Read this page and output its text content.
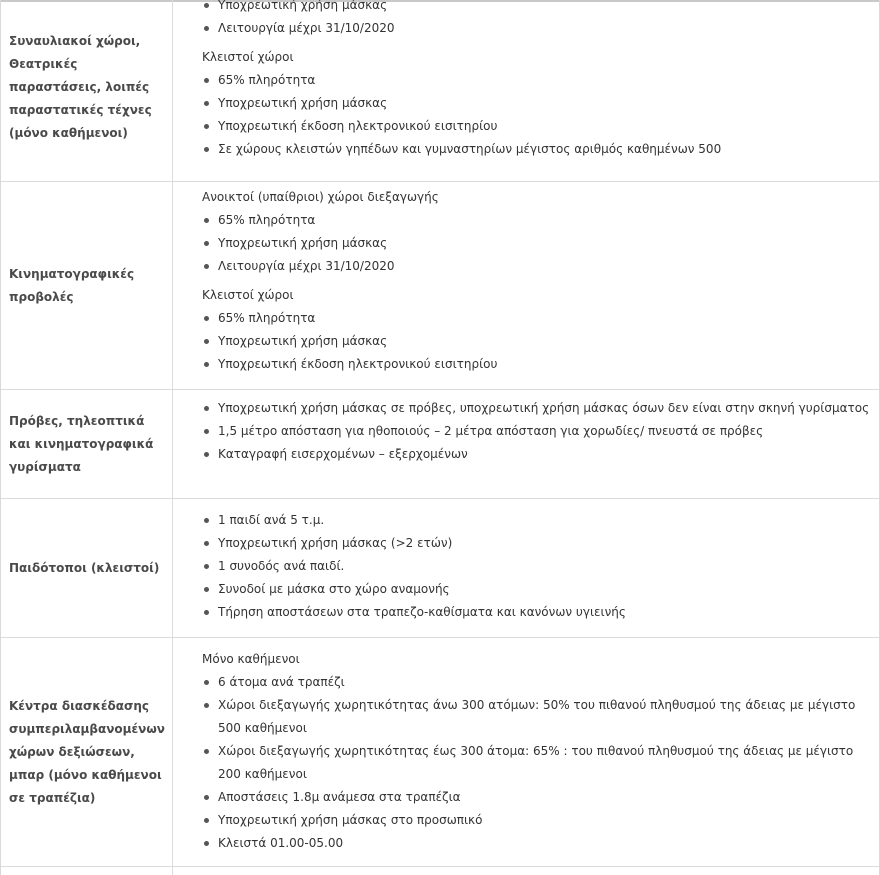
Συναυλιακοί χώροι, Θεατρικές παραστάσεις, λοιπές παραστατικές τέχνες (μόνο καθήμενοι)
Υποχρεωτική χρήση μάσκας
Λειτουργία μέχρι 31/10/2020

Κλειστοί χώροι

65% πληρότητα
Υποχρεωτική χρήση μάσκας
Υποχρεωτική έκδοση ηλεκτρονικού εισιτηρίου
Σε χώρους κλειστών γηπέδων και γυμναστηρίων μέγιστος αριθμός καθημένων 500
Κινηματογραφικές προβολές

Ανοικτοί (υπαίθριοι) χώροι διεξαγωγής

65% πληρότητα
Υποχρεωτική χρήση μάσκας
Λειτουργία μέχρι 31/10/2020

Κλειστοί χώροι

65% πληρότητα
Υποχρεωτική χρήση μάσκας
Υποχρεωτική έκδοση ηλεκτρονικού εισιτηρίου
Πρόβες, τηλεοπτικά και κινηματογραφικά γυρίσματα
Υποχρεωτική χρήση μάσκας σε πρόβες, υποχρεωτική χρήση μάσκας όσων δεν είναι στην σκηνή γυρίσματος
1,5 μέτρο απόσταση για ηθοποιούς – 2 μέτρα απόσταση για χορωδίες/ πνευστά σε πρόβες
Καταγραφή εισερχομένων – εξερχομένων
Παιδότοποι (κλειστοί)
1 παιδί ανά 5 τ.μ.
Υποχρεωτική χρήση μάσκας (>2 ετών)
1 συνοδός ανά παιδί.
Συνοδοί με μάσκα στο χώρο αναμονής
Τήρηση αποστάσεων στα τραπεζο-καθίσματα και κανόνων υγιεινής
Κέντρα διασκέδασης συμπεριλαμβανομένων χώρων δεξιώσεων, μπαρ (μόνο καθήμενοι σε τραπέζια)

Μόνο καθήμενοι

6 άτομα ανά τραπέζι
Χώροι διεξαγωγής χωρητικότητας άνω 300 ατόμων: 50% του πιθανού πληθυσμού της άδειας με μέγιστο 500 καθήμενοι
Χώροι διεξαγωγής χωρητικότητας έως 300 άτομα: 65% : του πιθανού πληθυσμού της άδειας με μέγιστο 200 καθήμενοι
Αποστάσεις 1.8μ ανάμεσα στα τραπέζια
Υποχρεωτική χρήση μάσκας στο προσωπικό
Κλειστά 01.00-05.00
